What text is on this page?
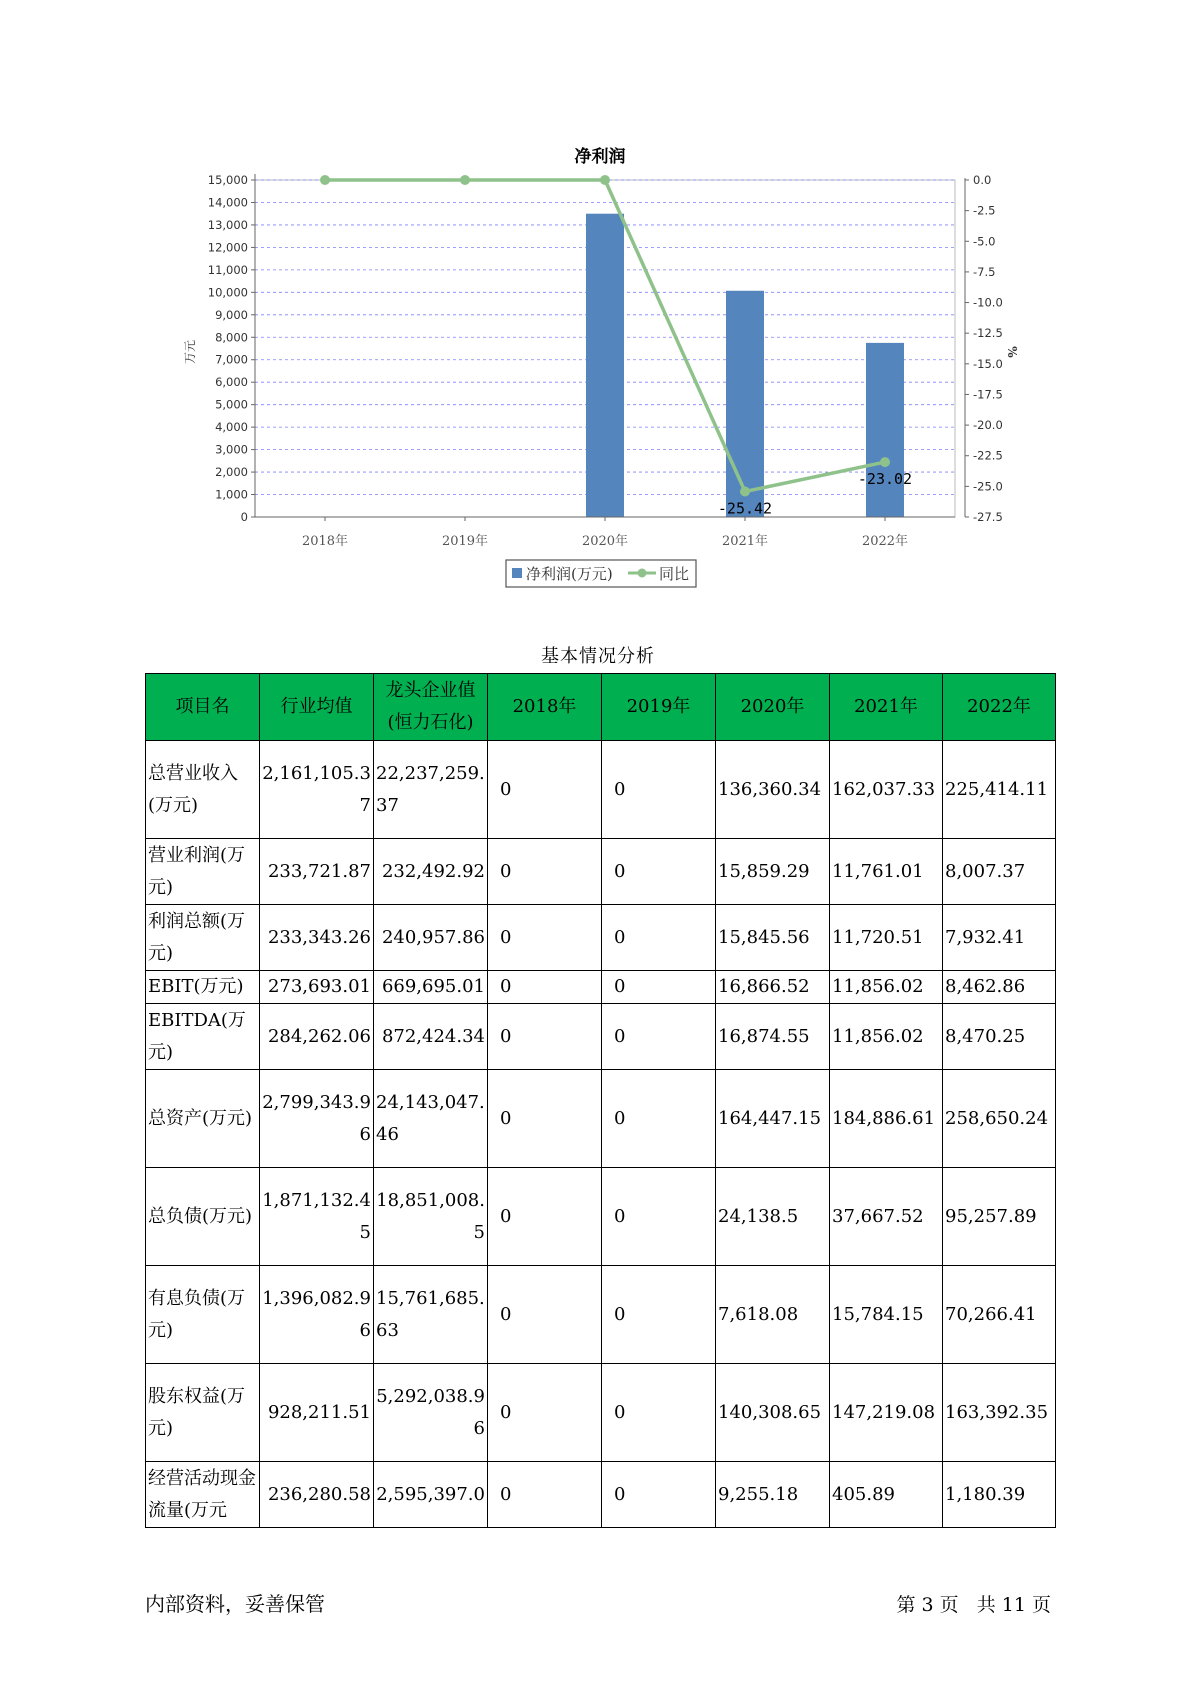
净利润
-25.42
-23.02
0
1,000
2,000
3,000
4,000
5,000
6,000
7,000
8,000
9,000
10,000
11,000
12,000
13,000
14,000
15,000	0.0
-2.5
-5.0
-7.5
-10.0
-12.5
-15.0
-17.5
-20.0
-22.5
-25.0
-27.5
2018年	2019年	2020年	2021年	2022年
万元	%
净利润(万元)	同比
基本情况分析
项目名	行业均值	龙头企业值(恒力石化)	2018年	2019年	2020年	2021年	2022年
总营业收入(万元)	2,161,105.37	22,237,259.37	0	0	136,360.34	162,037.33	225,414.11
营业利润(万元)	233,721.87	232,492.92	0	0	15,859.29	11,761.01	8,007.37
利润总额(万元)	233,343.26	240,957.86	0	0	15,845.56	11,720.51	7,932.41
EBIT(万元)	273,693.01	669,695.01	0	0	16,866.52	11,856.02	8,462.86
EBITDA(万元)	284,262.06	872,424.34	0	0	16,874.55	11,856.02	8,470.25
总资产(万元)	2,799,343.96	24,143,047.46	0	0	164,447.15	184,886.61	258,650.24
总负债(万元)	1,871,132.45	18,851,008.5	0	0	24,138.5	37,667.52	95,257.89
有息负债(万元)	1,396,082.96	15,761,685.63	0	0	7,618.08	15,784.15	70,266.41
股东权益(万元)	928,211.51	5,292,038.96	0	0	140,308.65	147,219.08	163,392.35
经营活动现金流量(万元	236,280.58	2,595,397.0	0	0	9,255.18	405.89	1,180.39
内部资料，妥善保管	第 3 页   共 11 页
